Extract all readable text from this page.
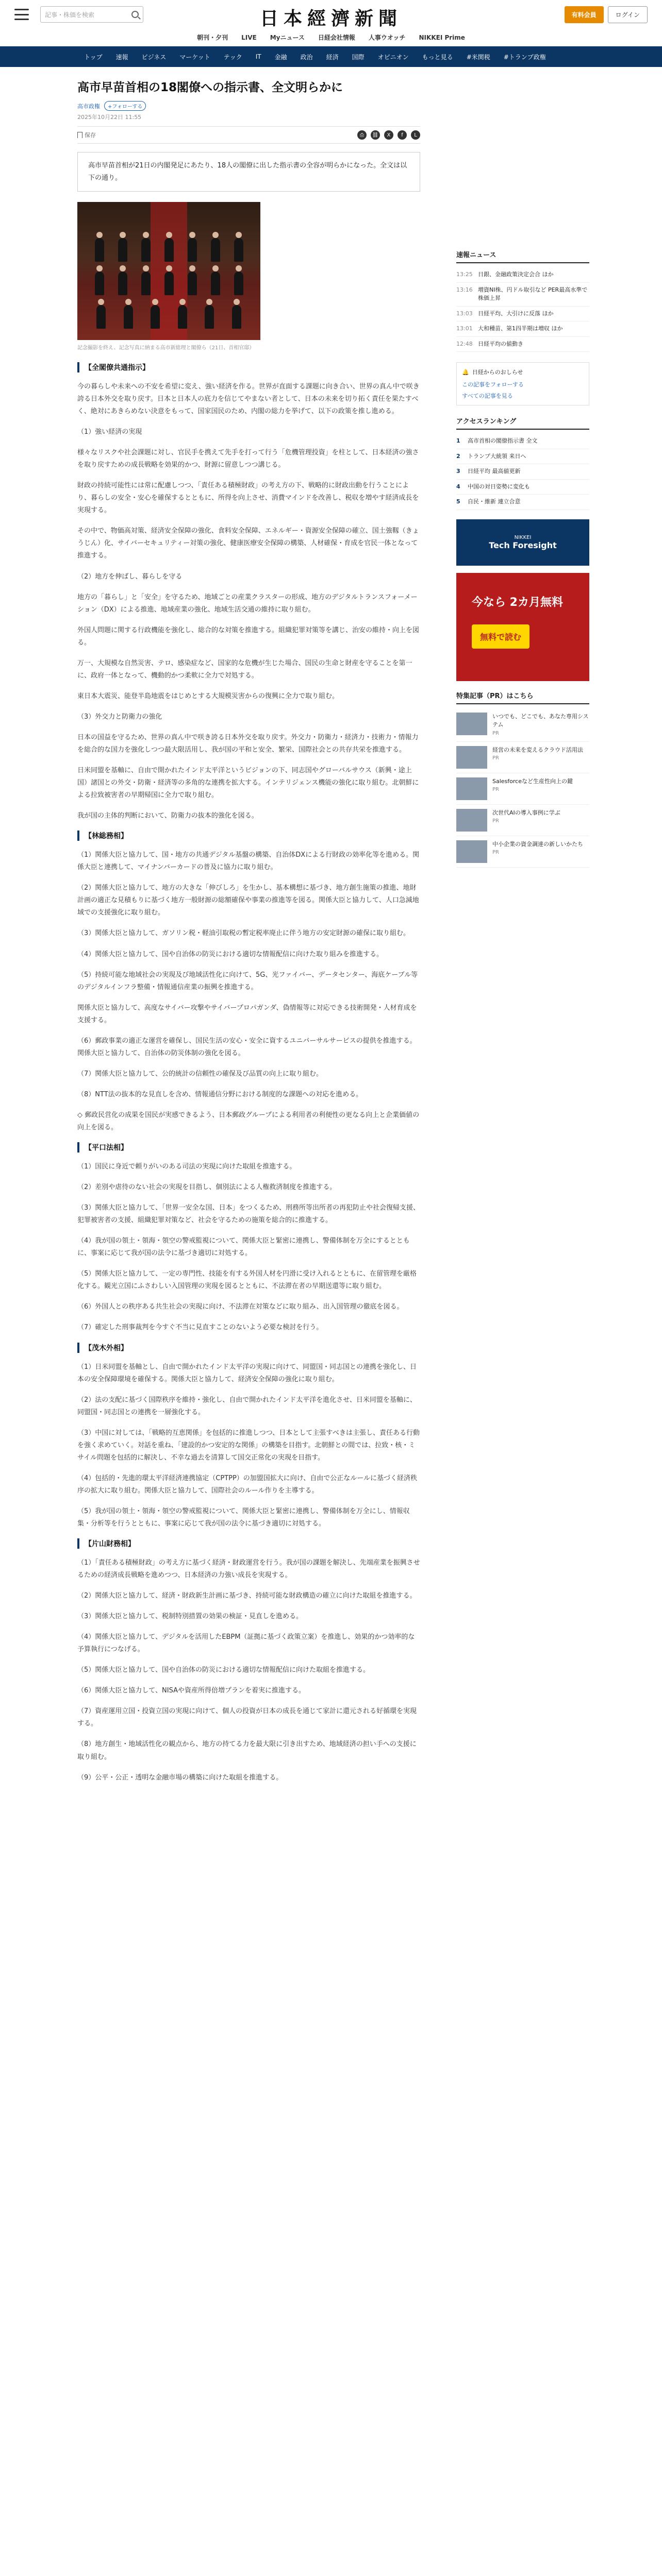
記事・株価を検索	日本經濟新聞	有料会員	ログイン
朝刊・夕刊 LIVE Myニュース 日経会社情報 人事ウオッチ NIKKEI Prime
トップ	速報	ビジネス	マーケット	テック	IT	金融	政治	経済	国際	オピニオン	もっと見る	#米関税	#トランプ政権
高市早苗首相の18閣僚への指示書、全文明らかに
高市政権	+フォローする
2025年10月22日 11:55
保存	⎙	⛓	X	f	L
高市早苗首相が21日の内閣発足にあたり、18人の閣僚に出した指示書の全容が明らかになった。全文は以下の通り。
記念撮影を終え、記念写真に納まる高市新総理と閣僚ら（21日、首相官邸）
【全閣僚共通指示】

今の暮らしや未来への不安を希望に変え、強い経済を作る。世界が直面する課題に向き合い、世界の真ん中で咲き誇る日本外交を取り戻す。日本と日本人の底力を信じてやまない者として、日本の未来を切り拓く責任を果たすべく、絶対にあきらめない決意をもって、国家国民のため、内閣の総力を挙げて、以下の政策を推し進める。

（1）強い経済の実現

様々なリスクや社会課題に対し、官民手を携えて先手を打って行う「危機管理投資」を柱として、日本経済の強さを取り戻すための成長戦略を効果的かつ、財源に留意しつつ講じる。

財政の持続可能性には常に配慮しつつ、「責任ある積極財政」の考え方の下、戦略的に財政出動を行うことにより、暮らしの安全・安心を確保するとともに、所得を向上させ、消費マインドを改善し、税収を増やす経済成長を実現する。

その中で、物価高対策、経済安全保障の強化、食料安全保障、エネルギー・資源安全保障の確立、国土強靱（きょうじん）化、サイバーセキュリティー対策の強化、健康医療安全保障の構築、人材確保・育成を官民一体となって推進する。

（2）地方を伸ばし、暮らしを守る

地方の「暮らし」と「安全」を守るため、地域ごとの産業クラスターの形成、地方のデジタルトランスフォーメーション（DX）による推進、地域産業の強化、地域生活交通の維持に取り組む。

外国人問題に関する行政機能を強化し、総合的な対策を推進する。組織犯罪対策等を講じ、治安の維持・向上を図る。

万一、大規模な自然災害、テロ、感染症など、国家的な危機が生じた場合、国民の生命と財産を守ることを第一に、政府一体となって、機動的かつ柔軟に全力で対処する。

東日本大震災、能登半島地震をはじめとする大規模災害からの復興に全力で取り組む。

（3）外交力と防衛力の強化

日本の国益を守るため、世界の真ん中で咲き誇る日本外交を取り戻す。外交力・防衛力・経済力・技術力・情報力を総合的な国力を強化しつつ最大限活用し、我が国の平和と安全、繁栄、国際社会との共存共栄を推進する。

日米同盟を基軸に、自由で開かれたインド太平洋というビジョンの下、同志国やグローバルサウス（新興・途上国）諸国との外交・防衛・経済等の多角的な連携を拡大する。インテリジェンス機能の強化に取り組む。北朝鮮による拉致被害者の早期帰国に全力で取り組む。

我が国の主体的判断において、防衛力の抜本的強化を図る。

【林総務相】

（1）関係大臣と協力して、国・地方の共通デジタル基盤の構築、自治体DXによる行財政の効率化等を進める。関係大臣と連携して、マイナンバーカードの普及に協力に取り組む。

（2）関係大臣と協力して、地方の大きな「伸びしろ」を生かし、基本構想に基づき、地方創生施策の推進、地財計画の適正な見積もりに基づく地方一般財源の総額確保や事業の推進等を図る。関係大臣と協力して、人口急減地域での支援強化に取り組む。

（3）関係大臣と協力して、ガソリン税・軽油引取税の暫定税率廃止に伴う地方の安定財源の確保に取り組む。

（4）関係大臣と協力して、国や自治体の防災における適切な情報配信に向けた取り組みを推進する。

（5）持続可能な地域社会の実現及び地域活性化に向けて、5G、光ファイバー、データセンター、海底ケーブル等のデジタルインフラ整備・情報通信産業の振興を推進する。

関係大臣と協力して、高度なサイバー攻撃やサイバープロパガンダ、偽情報等に対応できる技術開発・人材育成を支援する。

（6）郵政事業の適正な運営を確保し、国民生活の安心・安全に資するユニバーサルサービスの提供を推進する。関係大臣と協力して、自治体の防災体制の強化を図る。

（7）関係大臣と協力して、公的統計の信頼性の確保及び品質の向上に取り組む。

（8）NTT法の抜本的な見直しを含め、情報通信分野における制度的な課題への対応を進める。

◇ 郵政民営化の成果を国民が実感できるよう、日本郵政グループによる利用者の利便性の更なる向上と企業価値の向上を図る。

【平口法相】

（1）国民に身近で頼りがいのある司法の実現に向けた取組を推進する。

（2）差別や虐待のない社会の実現を目指し、個別法による人権救済制度を推進する。

（3）関係大臣と協力して、「世界一安全な国、日本」をつくるため、刑務所等出所者の再犯防止や社会復帰支援、犯罪被害者の支援、組織犯罪対策など、社会を守るための施策を総合的に推進する。

（4）我が国の領土・領海・領空の警戒監視について、関係大臣と緊密に連携し、警備体制を万全にするとともに、事案に応じて我が国の法令に基づき適切に対処する。

（5）関係大臣と協力して、一定の専門性、技能を有する外国人材を円滑に受け入れるとともに、在留管理を厳格化する。観光立国にふさわしい入国管理の実現を図るとともに、不法滞在者の早期送還等に取り組む。

（6）外国人との秩序ある共生社会の実現に向け、不法滞在対策などに取り組み、出入国管理の徹底を図る。

（7）確定した刑事裁判を今すぐ不当に見直すことのないよう必要な検討を行う。

【茂木外相】

（1）日米同盟を基軸とし、自由で開かれたインド太平洋の実現に向けて、同盟国・同志国との連携を強化し、日本の安全保障環境を確保する。関係大臣と協力して、経済安全保障の強化に取り組む。

（2）法の支配に基づく国際秩序を維持・強化し、自由で開かれたインド太平洋を進化させ、日米同盟を基軸に、同盟国・同志国との連携を一層強化する。

（3）中国に対しては、「戦略的互恵関係」を包括的に推進しつつ、日本として主張すべきは主張し、責任ある行動を強く求めていく。対話を重ね、「建設的かつ安定的な関係」の構築を目指す。北朝鮮との間では、拉致・核・ミサイル問題を包括的に解決し、不幸な過去を清算して国交正常化の実現を目指す。

（4）包括的・先進的環太平洋経済連携協定（CPTPP）の加盟国拡大に向け、自由で公正なルールに基づく経済秩序の拡大に取り組む。関係大臣と協力して、国際社会のルール作りを主導する。

（5）我が国の領土・領海・領空の警戒監視について、関係大臣と緊密に連携し、警備体制を万全にし、情報収集・分析等を行うとともに、事案に応じて我が国の法令に基づき適切に対処する。

【片山財務相】

（1）「責任ある積極財政」の考え方に基づく経済・財政運営を行う。我が国の課題を解決し、先端産業を振興させるための経済成長戦略を進めつつ、日本経済の力強い成長を実現する。

（2）関係大臣と協力して、経済・財政新生計画に基づき、持続可能な財政構造の確立に向けた取組を推進する。

（3）関係大臣と協力して、税制特別措置の効果の検証・見直しを進める。

（4）関係大臣と協力して、デジタルを活用したEBPM（証拠に基づく政策立案）を推進し、効果的かつ効率的な予算執行につなげる。

（5）関係大臣と協力して、国や自治体の防災における適切な情報配信に向けた取組を推進する。

（6）関係大臣と協力して、NISAや資産所得倍増プランを着実に推進する。

（7）資産運用立国・投資立国の実現に向けて、個人の投資が日本の成長を通じて家計に還元される好循環を実現する。

（8）地方創生・地域活性化の観点から、地方の持てる力を最大限に引き出すため、地域経済の担い手への支援に取り組む。

（9）公平・公正・透明な金融市場の構築に向けた取組を推進する。

速報ニュース
13:25 日銀、金融政策決定会合 ほか
13:16 増資NI株、円ドル取引など PER最高水準で株価上昇
13:03 日経平均、大引けに反落 ほか
13:01 大和種苗、第1四半期は増収 ほか
12:48 日経平均の値動き
🔔 日経からのおしらせ
この記事をフォローする
すべての記事を見る
アクセスランキング
1	高市首相の閣僚指示書 全文
2	トランプ大統領 来日へ
3	日経平均 最高値更新
4	中国の対日姿勢に変化も
5	自民・維新 連立合意
NIKKEI
Tech Foresight
今なら 2カ月無料
無料で読む
特集記事（PR）はこちら
いつでも、どこでも、あなた専用システム
PR
経営の未来を変えるクラウド活用法
PR
Salesforceなど生産性向上の鍵
PR
次世代AIの導入事例に学ぶ
PR
中小企業の資金調達の新しいかたち
PR
